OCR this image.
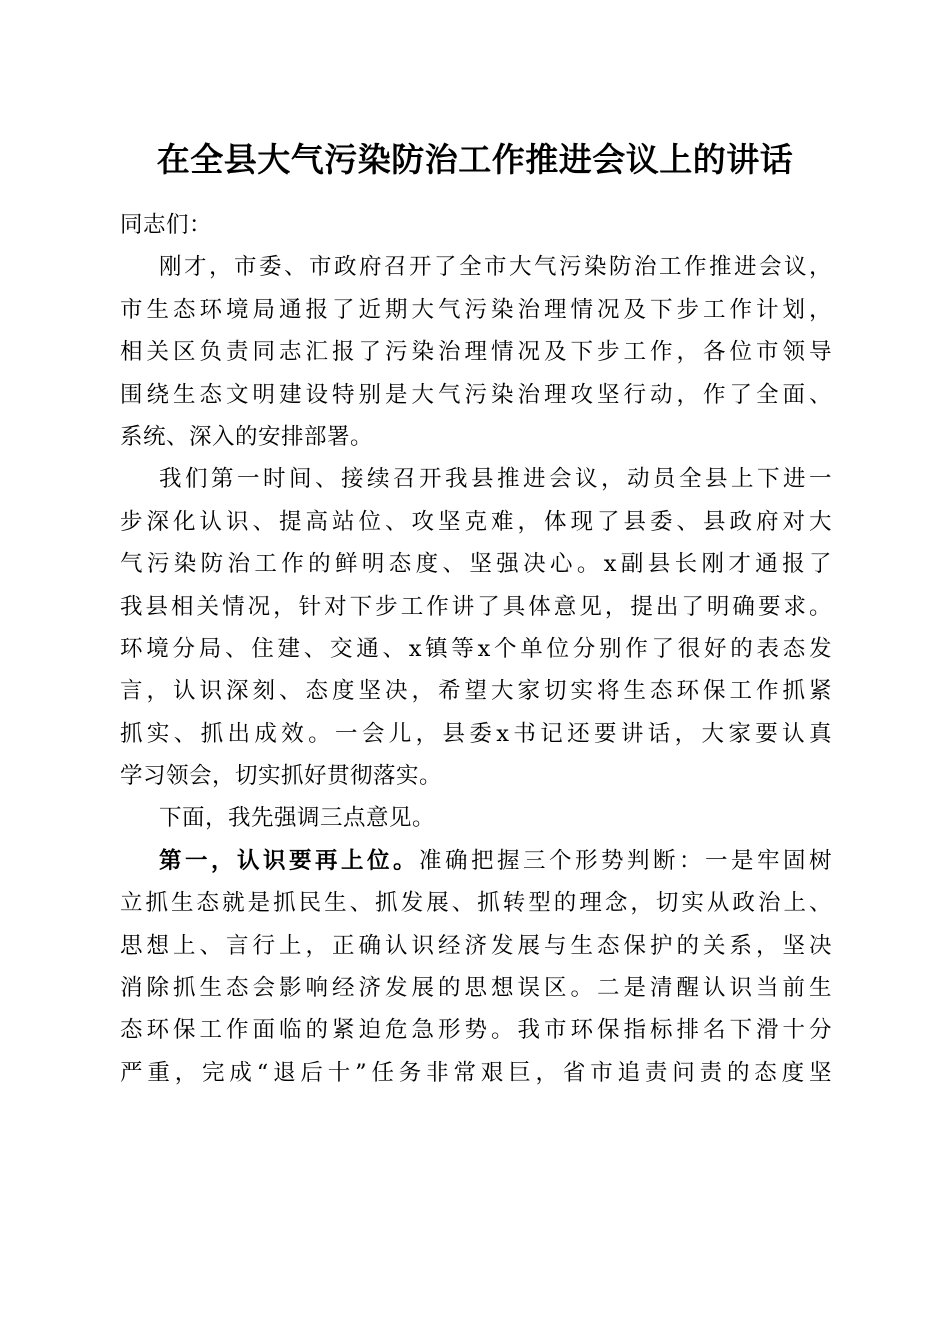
在全县大气污染防治工作推进会议上的讲话
同志们：
刚才，市委、市政府召开了全市大气污染防治工作推进会议，
市生态环境局通报了近期大气污染治理情况及下步工作计划，
相关区负责同志汇报了污染治理情况及下步工作，各位市领导
围绕生态文明建设特别是大气污染治理攻坚行动，作了全面、
系统、深入的安排部署。
我们第一时间、接续召开我县推进会议，动员全县上下进一
步深化认识、提高站位、攻坚克难，体现了县委、县政府对大
气污染防治工作的鲜明态度、坚强决心。x副县长刚才通报了
我县相关情况，针对下步工作讲了具体意见，提出了明确要求。
环境分局、住建、交通、x镇等x个单位分别作了很好的表态发
言，认识深刻、态度坚决，希望大家切实将生态环保工作抓紧
抓实、抓出成效。一会儿，县委x书记还要讲话，大家要认真
学习领会，切实抓好贯彻落实。
下面，我先强调三点意见。
第一，认识要再上位。准确把握三个形势判断：一是牢固树
立抓生态就是抓民生、抓发展、抓转型的理念，切实从政治上、
思想上、言行上，正确认识经济发展与生态保护的关系，坚决
消除抓生态会影响经济发展的思想误区。二是清醒认识当前生
态环保工作面临的紧迫危急形势。我市环保指标排名下滑十分
严重，完成“退后十”任务非常艰巨，省市追责问责的态度坚
